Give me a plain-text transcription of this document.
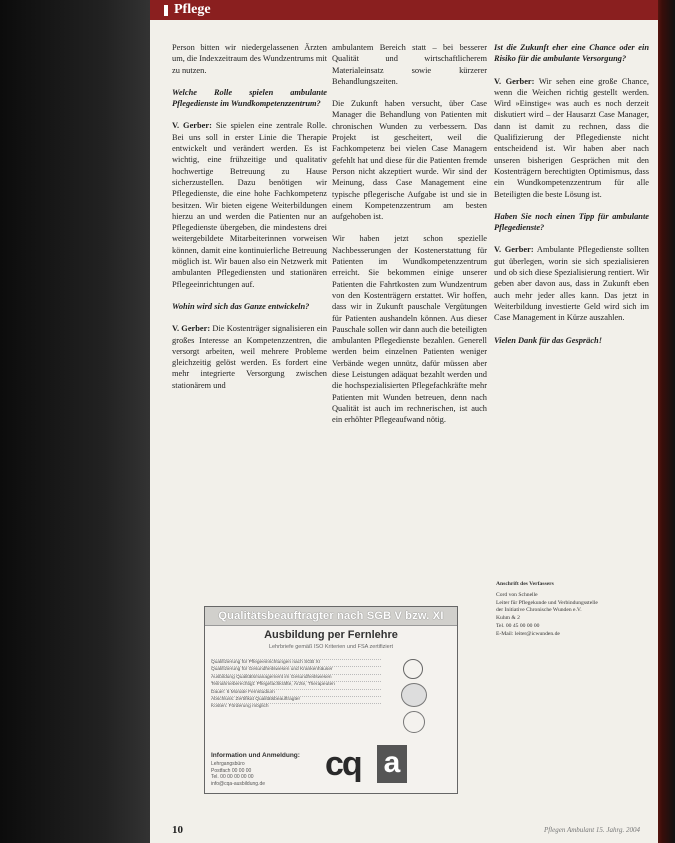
Pflege

Person bitten wir niedergelassenen Ärzten um, die Indexzeitraum des Wundzentrums mit zu nutzen.

Welche Rolle spielen ambulante Pflegedienste im Wundkompetenzzentrum?

V. Gerber: Sie spielen eine zentrale Rolle. Bei uns soll in erster Linie die Therapie entwickelt und verändert werden. Es ist wichtig, eine frühzeitige und qualitativ hochwertige Betreuung zu Hause sicherzustellen. Dazu benötigen wir Pflegedienste, die eine hohe Fachkompetenz besitzen. Wir bieten eigene Weiterbildungen hierzu an und werden die Patienten nur an Pflegedienste übergeben, die mindestens drei weitergebildete Mitarbeiterinnen vorweisen können, damit eine kontinuierliche Betreuung möglich ist. Wir bauen also ein Netzwerk mit ambulanten Pflegediensten und stationären Pflegeeinrichtungen auf.

Wohin wird sich das Ganze entwickeln?

V. Gerber: Die Kostenträger signalisieren ein großes Interesse an Kompetenzzentren, die versorgt arbeiten, weil mehrere Probleme gleichzeitig gelöst werden. Es fordert eine mehr integrierte Versorgung zwischen stationärem und

ambulantem Bereich statt – bei besserer Qualität und wirtschaftlicherem Materialeinsatz sowie kürzerer Behandlungszeiten.

Die Zukunft haben versucht, über Case Manager die Behandlung von Patienten mit chronischen Wunden zu verbessern. Das Projekt ist gescheitert, weil die Fachkompetenz bei vielen Case Managern gefehlt hat und diese für die Patienten fremde Person nicht akzeptiert wurde. Wir sind der Meinung, dass Case Management eine typische pflegerische Aufgabe ist und sie in einem Kompetenzzentrum am besten aufgehoben ist.

Wir haben jetzt schon spezielle Nachbesserungen der Kostenerstattung für Patienten im Wundkompetenzzentrum erreicht. Sie bekommen einige unserer Patienten die Fahrtkosten zum Wundzentrum von den Kostenträgern erstattet. Wir hoffen, dass wir in Zukunft pauschale Vergütungen für Patienten aushandeln können. Aus dieser Pauschale sollen wir dann auch die beteiligten ambulanten Pflegedienste bezahlen. Generell werden beim einzelnen Patienten weniger Verbände wegen unnütz, dafür müssen aber diese Leistungen adäquat bezahlt werden und die hochspezialisierten Pflegefachkräfte mehr Patienten mit Wunden betreuen, denn nach Qualität ist auch im rechnerischen, ist auch ein erhöhter Pflegeaufwand nötig.

Ist die Zukunft eher eine Chance oder ein Risiko für die ambulante Versorgung?

V. Gerber: Wir sehen eine große Chance, wenn die Weichen richtig gestellt werden. Wird »Einstige« was auch es noch derzeit diskutiert wird – der Hausarzt Case Manager, dann ist damit zu rechnen, dass die Qualifizierung der Pflegedienste nicht entscheidend ist. Wir haben aber nach unseren bisherigen Gesprächen mit den Kostenträgern berechtigten Optimismus, dass ein Wundkompetenzzentrum für alle Beteiligten die beste Lösung ist.

Haben Sie noch einen Tipp für ambulante Pflegedienste?

V. Gerber: Ambulante Pflegedienste sollten gut überlegen, worin sie sich spezialisieren und ob sich diese Spezialisierung rentiert. Wir geben aber davon aus, dass in Zukunft eben auch mehr jeder alles kann. Das jetzt in Weiterbildung investierte Geld wird sich im Case Management in Kürze auszahlen.

Vielen Dank für das Gespräch!

Anschrift des Verfassers
Cord von Schnelle
Leiter für Pflegekunde und Verbindungsstelle
der Initiative Chronische Wunden e.V.
Kuhm & 2
Tel. 00 45 00 00 00
E-Mail: leiter@icwunden.de
Qualitätsbeauftragter nach SGB V bzw. XI
Ausbildung per Fernlehre
Lehrbriefe gemäß ISO Kriterien und FSA zertifiziert
Qualifizierung für Pflegeeinrichtungen nach SGB XI
Qualifizierung für Gesundheitswesen und Krankenhäuser
Ausbildung Qualitätsmanagement im Gesundheitswesen
Teilnahmeberechtigt: Pflegefachkräfte, Ärzte, Therapeuten
Dauer: 6 Monate Fernstudium
Abschluss: Zertifikat Qualitätsbeauftragter
Kosten: Förderung möglich
Information und Anmeldung:
Lehrgangsbüro
Postfach 00 00 00
Tel. 00 00 00 00 00
info@cqa-ausbildung.de
cq a
10	Pflegen Ambulant 15. Jahrg. 2004
